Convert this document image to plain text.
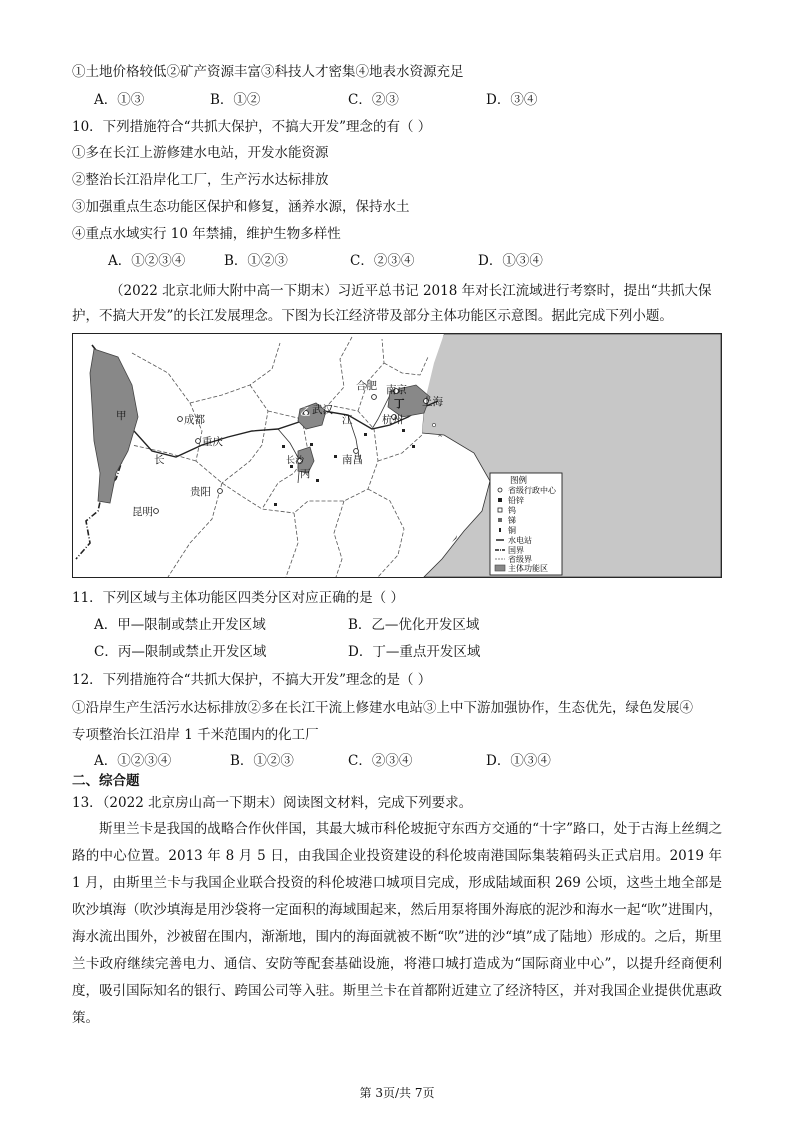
①土地价格较低②矿产资源丰富③科技人才密集④地表水资源充足
A．①③	B．①②	C．②③	D．③④
10．下列措施符合“共抓大保护，不搞大开发”理念的有（ ）
①多在长江上游修建水电站，开发水能资源
②整治长江沿岸化工厂，生产污水达标排放
③加强重点生态功能区保护和修复，涵养水源，保持水土
④重点水域实行 10 年禁捕，维护生物多样性
A．①②③④	B．①②③	C．②③④	D．①③④
（2022 北京北师大附中高一下期末）习近平总书记 2018 年对长江流域进行考察时，提出“共抓大保
护，不搞大开发”的长江发展理念。下图为长江经济带及部分主体功能区示意图。据此完成下列小题。
甲	成都
重庆
长
贵阳
昆明
乙 武汉
长沙
丙
南昌
江
合肥 南京
丁
杭州
上海
图例
省级行政中心
铅锌
钨
锑
铜
水电站
国界
省级界
主体功能区
11．下列区域与主体功能区四类分区对应正确的是（ ）
A．甲—限制或禁止开发区域	B．乙—优化开发区域
C．丙—限制或禁止开发区域	D．丁—重点开发区域
12．下列措施符合“共抓大保护，不搞大开发”理念的是（ ）
①沿岸生产生活污水达标排放②多在长江干流上修建水电站③上中下游加强协作，生态优先，绿色发展④
专项整治长江沿岸 1 千米范围内的化工厂
A．①②③④	B．①②③	C．②③④	D．①③④
二、综合题
13．（2022 北京房山高一下期末）阅读图文材料，完成下列要求。
斯里兰卡是我国的战略合作伙伴国，其最大城市科伦坡扼守东西方交通的“十字”路口，处于古海上丝绸之路的中心位置。2013 年 8 月 5 日，由我国企业投资建设的科伦坡南港国际集装箱码头正式启用。2019 年 1 月，由斯里兰卡与我国企业联合投资的科伦坡港口城项目完成，形成陆域面积 269 公顷，这些土地全部是吹沙填海（吹沙填海是用沙袋将一定面积的海域围起来，然后用泵将围外海底的泥沙和海水一起“吹”进围内，海水流出围外，沙被留在围内，渐渐地，围内的海面就被不断“吹”进的沙“填”成了陆地）形成的。之后，斯里兰卡政府继续完善电力、通信、安防等配套基础设施，将港口城打造成为“国际商业中心”，以提升经商便利度，吸引国际知名的银行、跨国公司等入驻。斯里兰卡在首都附近建立了经济特区，并对我国企业提供优惠政策。
第 3页/共 7页
